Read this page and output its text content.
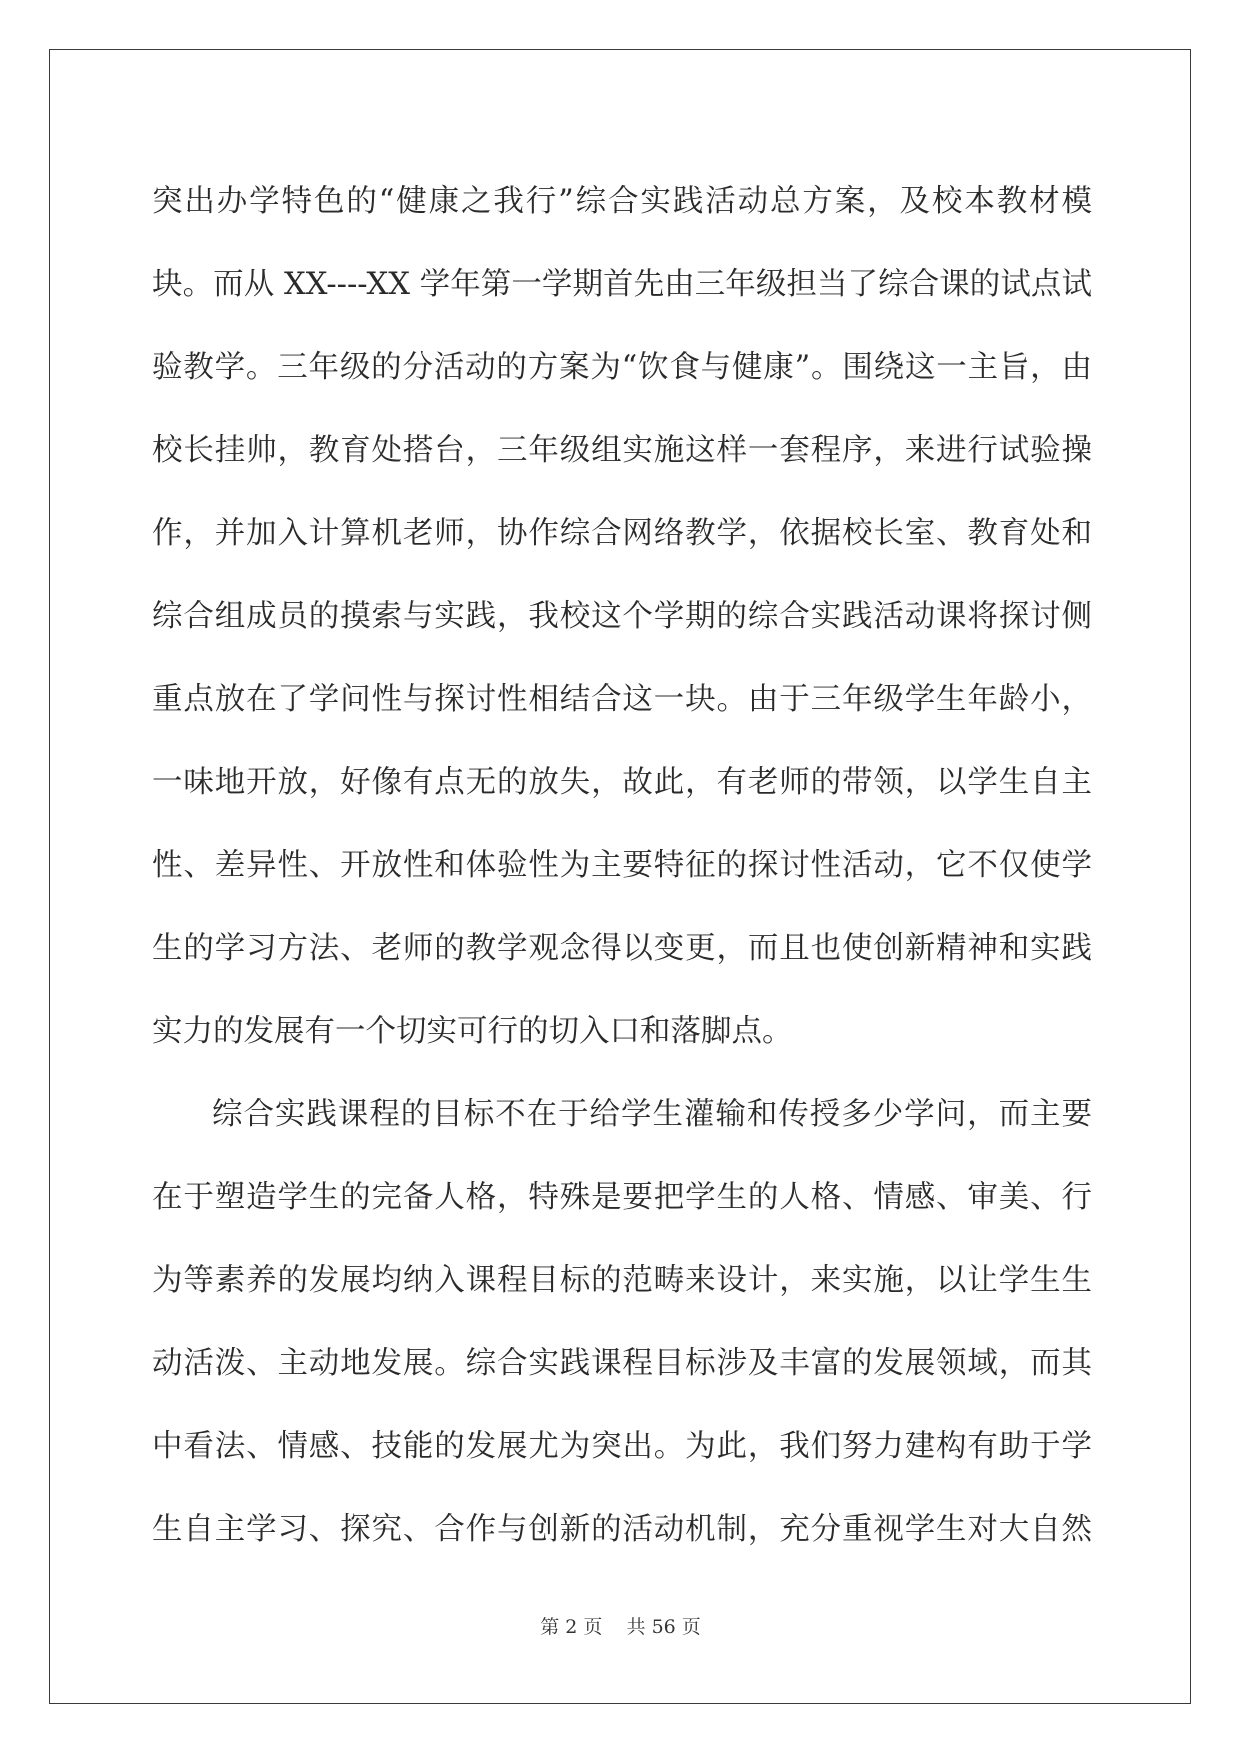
突出办学特色的“健康之我行”综合实践活动总方案，及校本教材模
块。而从 XX----XX 学年第一学期首先由三年级担当了综合课的试点试
验教学。三年级的分活动的方案为“饮食与健康”。围绕这一主旨，由
校长挂帅，教育处搭台，三年级组实施这样一套程序，来进行试验操
作，并加入计算机老师，协作综合网络教学，依据校长室、教育处和
综合组成员的摸索与实践，我校这个学期的综合实践活动课将探讨侧
重点放在了学问性与探讨性相结合这一块。由于三年级学生年龄小，
一味地开放，好像有点无的放失，故此，有老师的带领，以学生自主
性、差异性、开放性和体验性为主要特征的探讨性活动，它不仅使学
生的学习方法、老师的教学观念得以变更，而且也使创新精神和实践
实力的发展有一个切实可行的切入口和落脚点。
综合实践课程的目标不在于给学生灌输和传授多少学问，而主要
在于塑造学生的完备人格，特殊是要把学生的人格、情感、审美、行
为等素养的发展均纳入课程目标的范畴来设计，来实施，以让学生生
动活泼、主动地发展。综合实践课程目标涉及丰富的发展领域，而其
中看法、情感、技能的发展尤为突出。为此，我们努力建构有助于学
生自主学习、探究、合作与创新的活动机制，充分重视学生对大自然
第 2 页 共 56 页
